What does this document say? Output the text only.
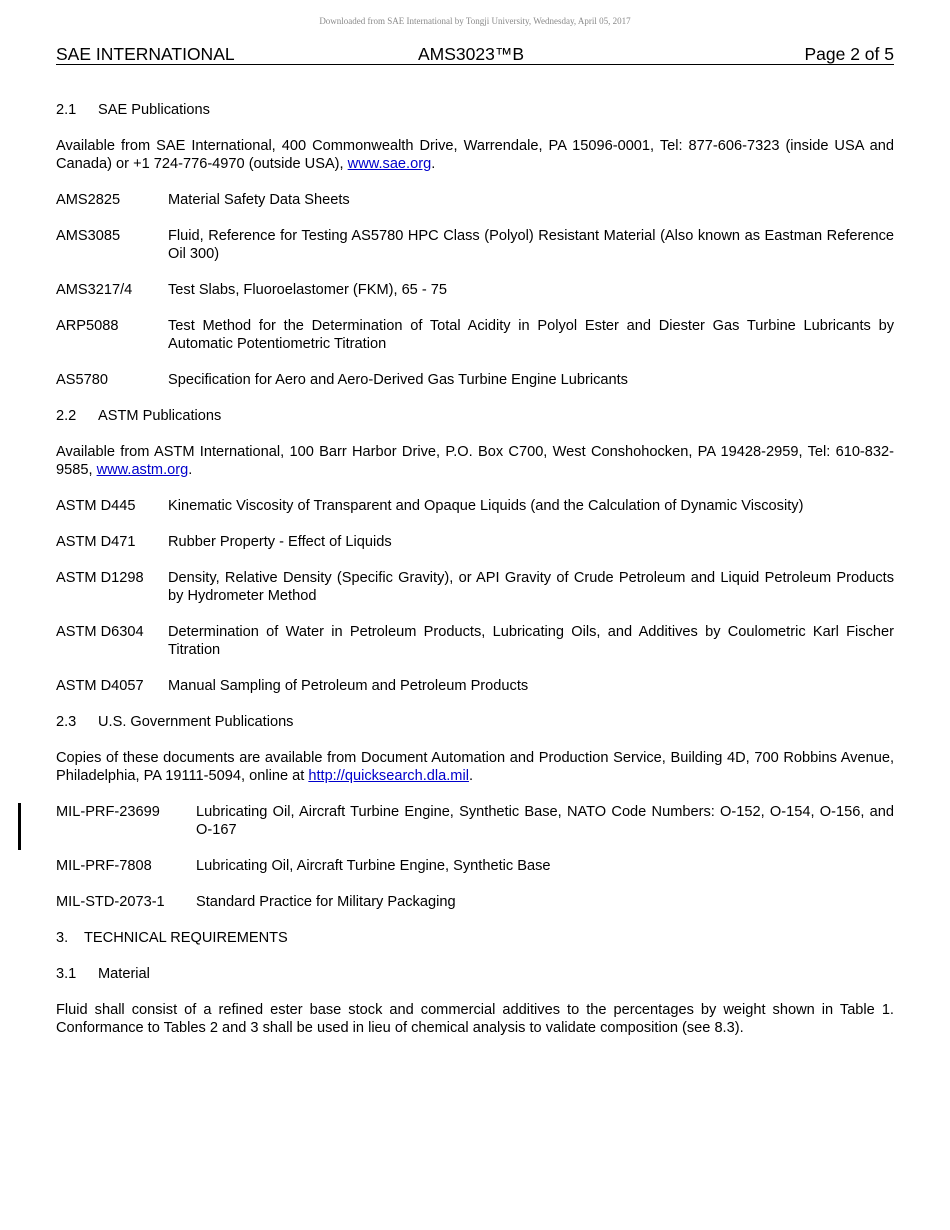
Downloaded from SAE International by Tongji University, Wednesday, April 05, 2017
SAE INTERNATIONAL	AMS3023™B	Page 2 of 5

2.1 SAE Publications

Available from SAE International, 400 Commonwealth Drive, Warrendale, PA 15096-0001, Tel: 877-606-7323 (inside USA and Canada) or +1 724-776-4970 (outside USA), www.sae.org.

AMS2825	Material Safety Data Sheets
AMS3085	Fluid, Reference for Testing AS5780 HPC Class (Polyol) Resistant Material (Also known as Eastman Reference Oil 300)
AMS3217/4	Test Slabs, Fluoroelastomer (FKM), 65 - 75
ARP5088	Test Method for the Determination of Total Acidity in Polyol Ester and Diester Gas Turbine Lubricants by Automatic Potentiometric Titration
AS5780	Specification for Aero and Aero-Derived Gas Turbine Engine Lubricants

2.2 ASTM Publications

Available from ASTM International, 100 Barr Harbor Drive, P.O. Box C700, West Conshohocken, PA 19428-2959, Tel: 610-832-9585, www.astm.org.

ASTM D445	Kinematic Viscosity of Transparent and Opaque Liquids (and the Calculation of Dynamic Viscosity)
ASTM D471	Rubber Property - Effect of Liquids
ASTM D1298	Density, Relative Density (Specific Gravity), or API Gravity of Crude Petroleum and Liquid Petroleum Products by Hydrometer Method
ASTM D6304	Determination of Water in Petroleum Products, Lubricating Oils, and Additives by Coulometric Karl Fischer Titration
ASTM D4057	Manual Sampling of Petroleum and Petroleum Products

2.3 U.S. Government Publications

Copies of these documents are available from Document Automation and Production Service, Building 4D, 700 Robbins Avenue, Philadelphia, PA 19111-5094, online at http://quicksearch.dla.mil.

MIL-PRF-23699	Lubricating Oil, Aircraft Turbine Engine, Synthetic Base, NATO Code Numbers: O-152, O-154, O-156, and O-167
MIL-PRF-7808	Lubricating Oil, Aircraft Turbine Engine, Synthetic Base
MIL-STD-2073-1	Standard Practice for Military Packaging

3. TECHNICAL REQUIREMENTS

3.1 Material

Fluid shall consist of a refined ester base stock and commercial additives to the percentages by weight shown in Table 1. Conformance to Tables 2 and 3 shall be used in lieu of chemical analysis to validate composition (see 8.3).
